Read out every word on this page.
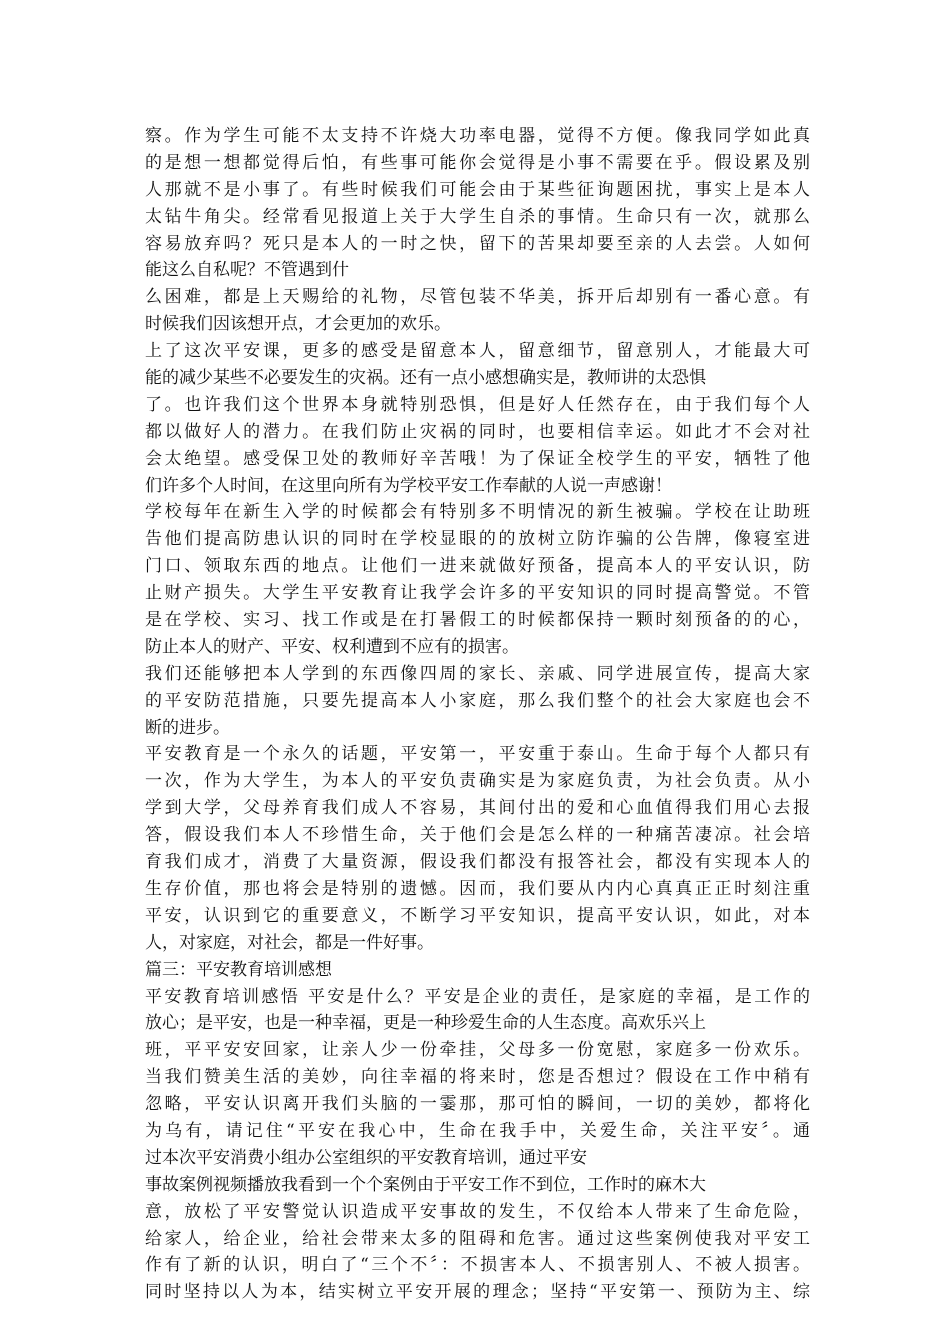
察。作为学生可能不太支持不许烧大功率电器，觉得不方便。像我同学如此真
的是想一想都觉得后怕，有些事可能你会觉得是小事不需要在乎。假设累及别
人那就不是小事了。有些时候我们可能会由于某些征询题困扰，事实上是本人
太钻牛角尖。经常看见报道上关于大学生自杀的事情。生命只有一次，就那么
容易放弃吗？死只是本人的一时之快，留下的苦果却要至亲的人去尝。人如何
能这么自私呢？不管遇到什
么困难，都是上天赐给的礼物，尽管包装不华美，拆开后却别有一番心意。有
时候我们因该想开点，才会更加的欢乐。
上了这次平安课，更多的感受是留意本人，留意细节，留意别人，才能最大可
能的减少某些不必要发生的灾祸。还有一点小感想确实是，教师讲的太恐惧
了。也许我们这个世界本身就特别恐惧，但是好人任然存在，由于我们每个人
都以做好人的潜力。在我们防止灾祸的同时，也要相信幸运。如此才不会对社
会太绝望。感受保卫处的教师好辛苦哦！为了保证全校学生的平安，牺牲了他
们许多个人时间，在这里向所有为学校平安工作奉献的人说一声感谢！
学校每年在新生入学的时候都会有特别多不明情况的新生被骗。学校在让助班
告他们提高防患认识的同时在学校显眼的的放树立防诈骗的公告牌，像寝室进
门口、领取东西的地点。让他们一进来就做好预备，提高本人的平安认识，防
止财产损失。大学生平安教育让我学会许多的平安知识的同时提高警觉。不管
是在学校、实习、找工作或是在打暑假工的时候都保持一颗时刻预备的的心，
防止本人的财产、平安、权利遭到不应有的损害。
我们还能够把本人学到的东西像四周的家长、亲戚、同学进展宣传，提高大家
的平安防范措施，只要先提高本人小家庭，那么我们整个的社会大家庭也会不
断的进步。
平安教育是一个永久的话题，平安第一，平安重于泰山。生命于每个人都只有
一次，作为大学生，为本人的平安负责确实是为家庭负责，为社会负责。从小
学到大学，父母养育我们成人不容易，其间付出的爱和心血值得我们用心去报
答，假设我们本人不珍惜生命，关于他们会是怎么样的一种痛苦凄凉。社会培
育我们成才，消费了大量资源，假设我们都没有报答社会，都没有实现本人的
生存价值，那也将会是特别的遗憾。因而，我们要从内内心真真正正时刻注重
平安，认识到它的重要意义，不断学习平安知识，提高平安认识，如此，对本
人，对家庭，对社会，都是一件好事。
篇三：平安教育培训感想
平安教育培训感悟 平安是什么？平安是企业的责任，是家庭的幸福，是工作的
放心；是平安，也是一种幸福，更是一种珍爱生命的人生态度。高欢乐兴上
班，平平安安回家，让亲人少一份牵挂，父母多一份宽慰，家庭多一份欢乐。
当我们赞美生活的美妙，向往幸福的将来时，您是否想过？假设在工作中稍有
忽略，平安认识离开我们头脑的一霎那，那可怕的瞬间，一切的美妙，都将化
为乌有，请记住“平安在我心中，生命在我手中，关爱生命，关注平安〞。通
过本次平安消费小组办公室组织的平安教育培训，通过平安
事故案例视频播放我看到一个个案例由于平安工作不到位，工作时的麻木大
意，放松了平安警觉认识造成平安事故的发生，不仅给本人带来了生命危险，
给家人，给企业，给社会带来太多的阻碍和危害。通过这些案例使我对平安工
作有了新的认识，明白了“三个不〞：不损害本人、不损害别人、不被人损害。
同时坚持以人为本，结实树立平安开展的理念；坚持“平安第一、预防为主、综
